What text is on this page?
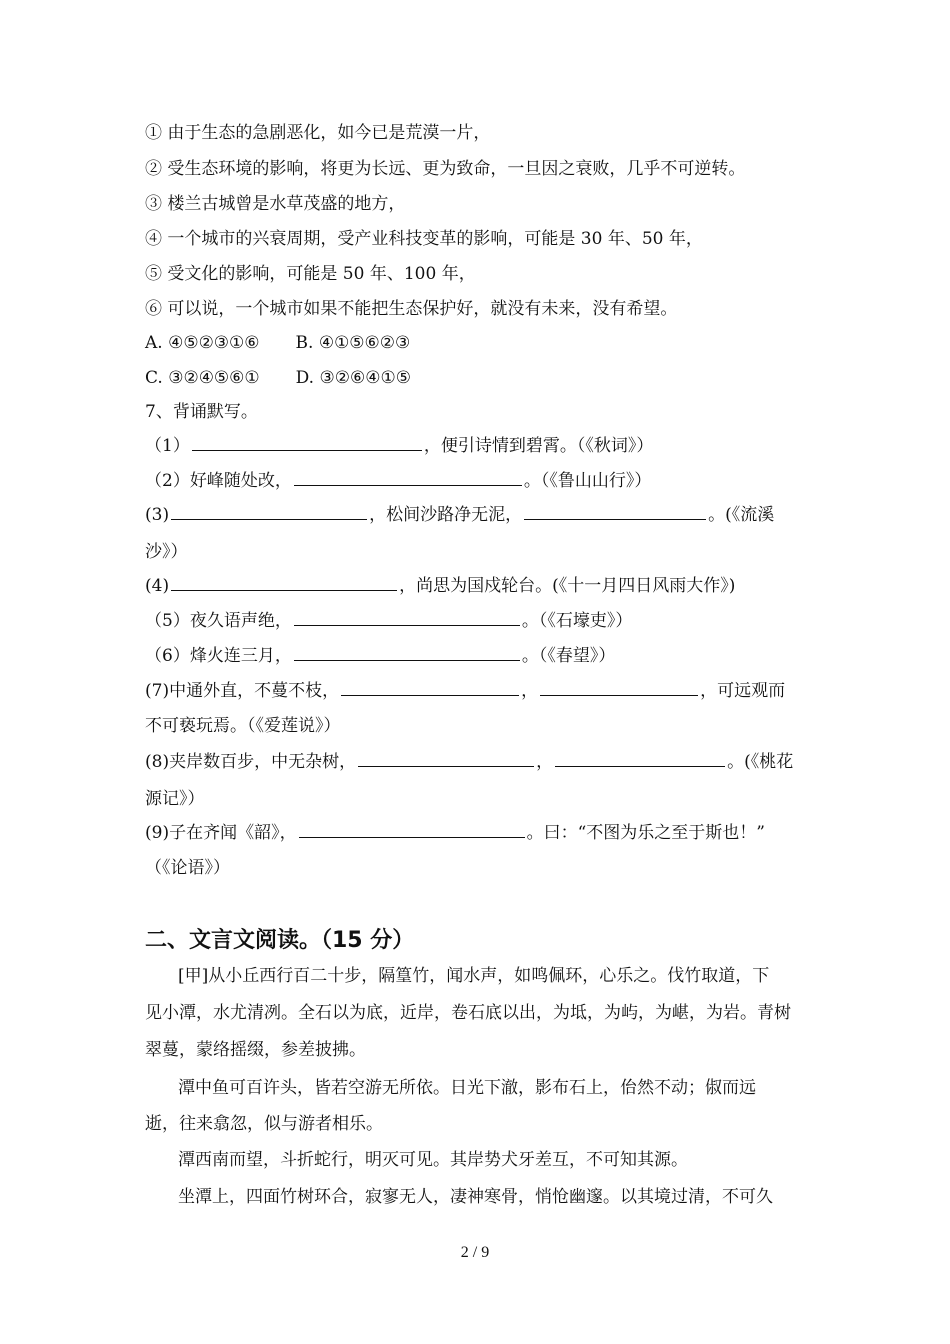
① 由于生态的急剧恶化，如今已是荒漠一片，
② 受生态环境的影响，将更为长远、更为致命，一旦因之衰败，几乎不可逆转。
③ 楼兰古城曾是水草茂盛的地方，
④ 一个城市的兴衰周期，受产业科技变革的影响，可能是 30 年、50 年，
⑤ 受文化的影响，可能是 50 年、100 年，
⑥ 可以说，一个城市如果不能把生态保护好，就没有未来，没有希望。
A. ④⑤②③①⑥ B. ④①⑤⑥②③
C. ③②④⑤⑥① D. ③②⑥④①⑤
7、背诵默写。
（1）	，便引诗情到碧霄。（《秋词》）
（2）好峰随处改，	。（《鲁山山行》）
(3)	，松间沙路净无泥，	。(《流溪
沙》）
(4)	，尚思为国戍轮台。(《十一月四日风雨大作》)
（5）夜久语声绝，	。（《石壕吏》）
（6）烽火连三月，	。（《春望》）
(7)中通外直，不蔓不枝，	，	，可远观而
不可亵玩焉。（《爱莲说》）
(8)夹岸数百步，中无杂树，	，	。(《桃花
源记》）
(9)子在齐闻《韶》，	。曰：“不图为乐之至于斯也！”
（《论语》）
二、文言文阅读。（15 分）
[甲]从小丘西行百二十步，隔篁竹，闻水声，如鸣佩环，心乐之。伐竹取道，下
见小潭，水尤清冽。全石以为底，近岸，卷石底以出，为坻，为屿，为嵁，为岩。青树
翠蔓，蒙络摇缀，参差披拂。
潭中鱼可百许头，皆若空游无所依。日光下澈，影布石上，佁然不动；俶而远
逝，往来翕忽，似与游者相乐。
潭西南而望，斗折蛇行，明灭可见。其岸势犬牙差互，不可知其源。
坐潭上，四面竹树环合，寂寥无人，凄神寒骨，悄怆幽邃。以其境过清，不可久
2 / 9
